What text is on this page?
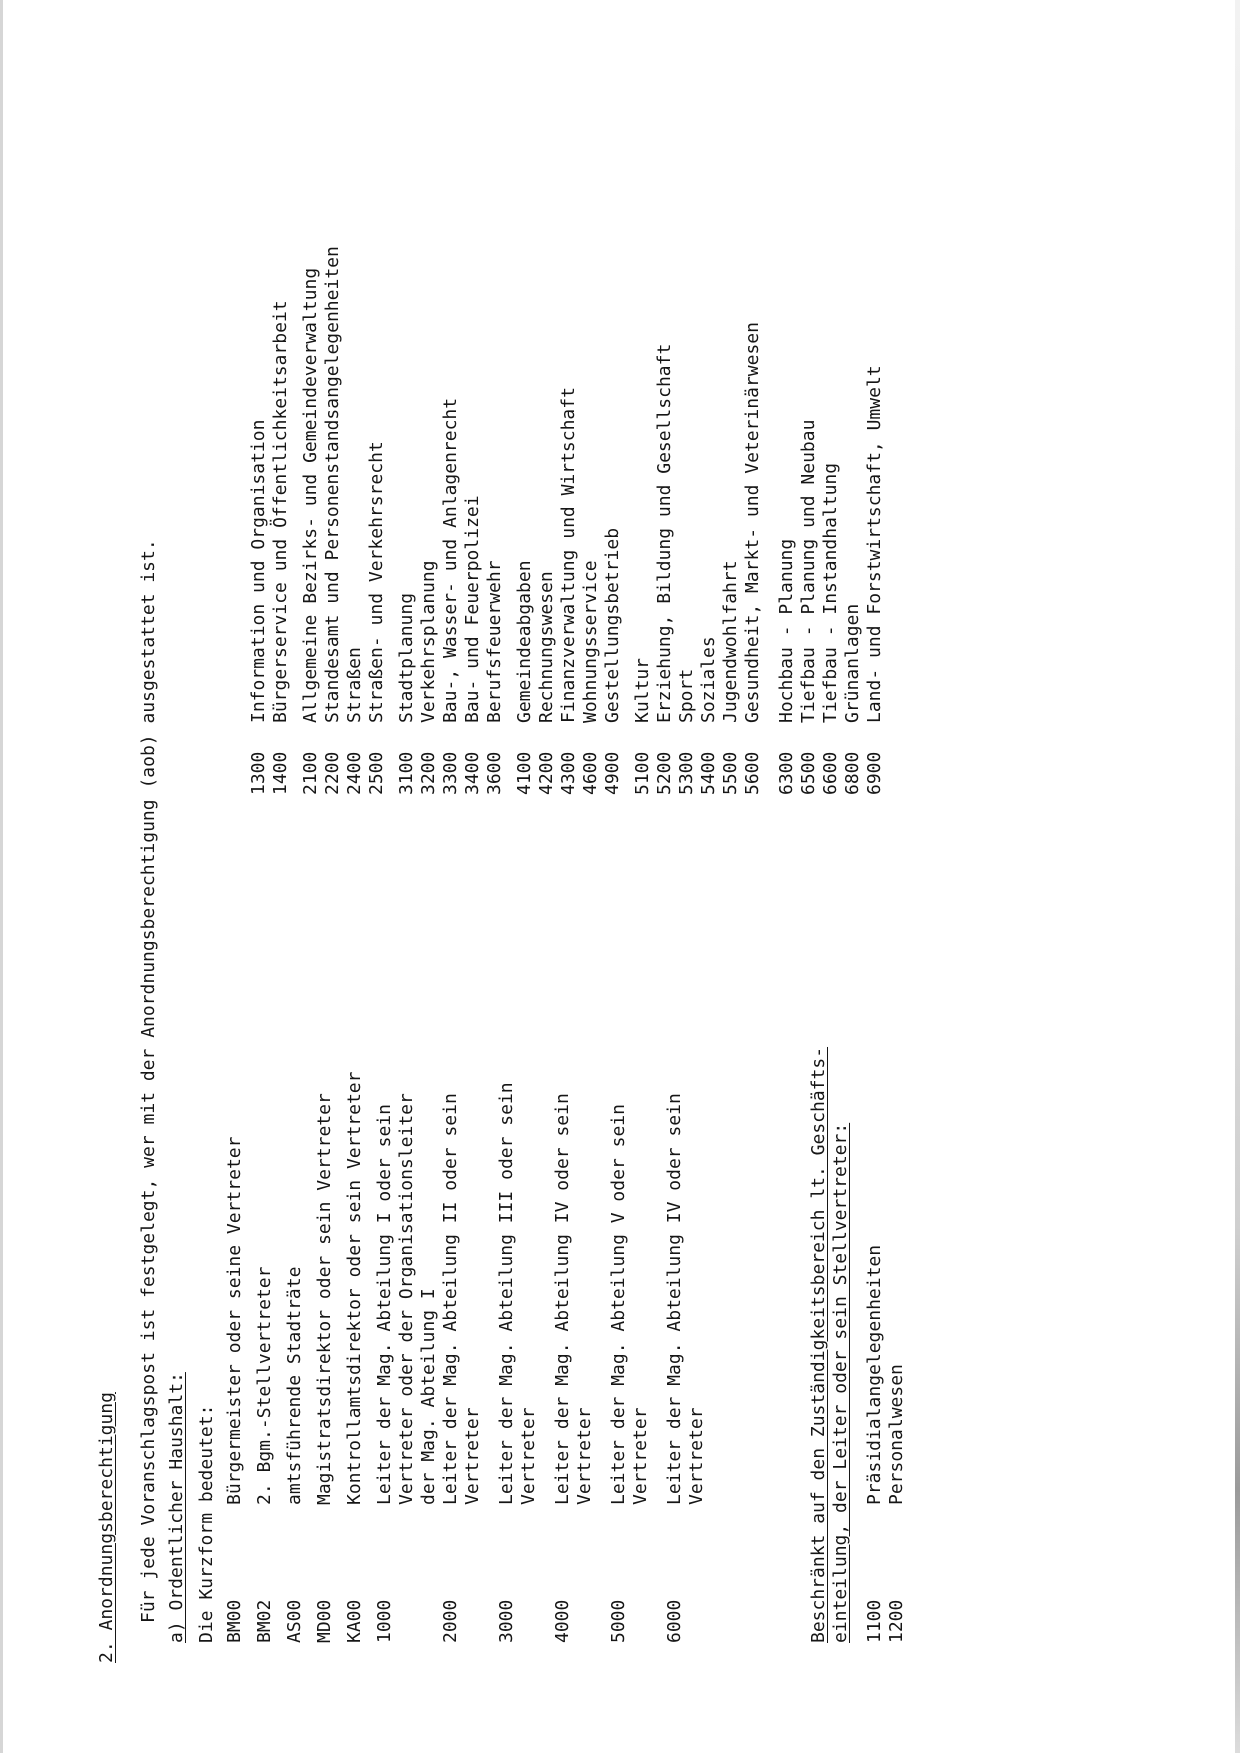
2. Anordnungsberechtigung Für jede Voranschlagspost ist festgelegt, wer mit der Anordnungsberechtigung (aob) ausgestattet ist. a) Ordentlicher Haushalt: Die Kurzform bedeutet: BM00
Bürgermeister oder seine Vertreter
BM02
2. Bgm.-Stellvertreter
AS00
amtsführende Stadträte
MD00
Magistratsdirektor oder sein Vertreter
KA00
Kontrollamtsdirektor oder sein Vertreter
1000
Leiter der Mag. Abteilung I oder sein Vertreter oder der Organisationsleiter der Mag. Abteilung I
2000
Leiter der Mag. Abteilung II oder sein Vertreter
3000
Leiter der Mag. Abteilung III oder sein Vertreter
4000
Leiter der Mag. Abteilung IV oder sein Vertreter
5000
Leiter der Mag. Abteilung V oder sein Vertreter
6000
Leiter der Mag. Abteilung IV oder sein Vertreter	Beschränkt auf den Zuständigkeitsbereich lt. Geschäfts- einteilung, der Leiter oder sein Stellvertreter: 1100
Präsidialangelegenheiten
1200
Personalwesen
1300
Information und Organisation
1400
Bürgerservice und Öffentlichkeitsarbeit
2100
Allgemeine Bezirks- und Gemeindeverwaltung
2200
Standesamt und Personenstandsangelegenheiten
2400
Straßen
2500
Straßen- und Verkehrsrecht
3100
Stadtplanung
3200
Verkehrsplanung
3300
Bau-, Wasser- und Anlagenrecht
3400
Bau- und Feuerpolizei
3600
Berufsfeuerwehr
4100
Gemeindeabgaben
4200
Rechnungswesen
4300
Finanzverwaltung und Wirtschaft
4600
Wohnungsservice
4900
Gestellungsbetrieb
5100
Kultur
5200
Erziehung, Bildung und Gesellschaft
5300
Sport
5400
Soziales
5500
Jugendwohlfahrt
5600
Gesundheit, Markt- und Veterinärwesen
6300
Hochbau - Planung
6500
Tiefbau - Planung und Neubau
6600
Tiefbau - Instandhaltung
6800
Grünanlagen
6900
Land- und Forstwirtschaft, Umwelt
